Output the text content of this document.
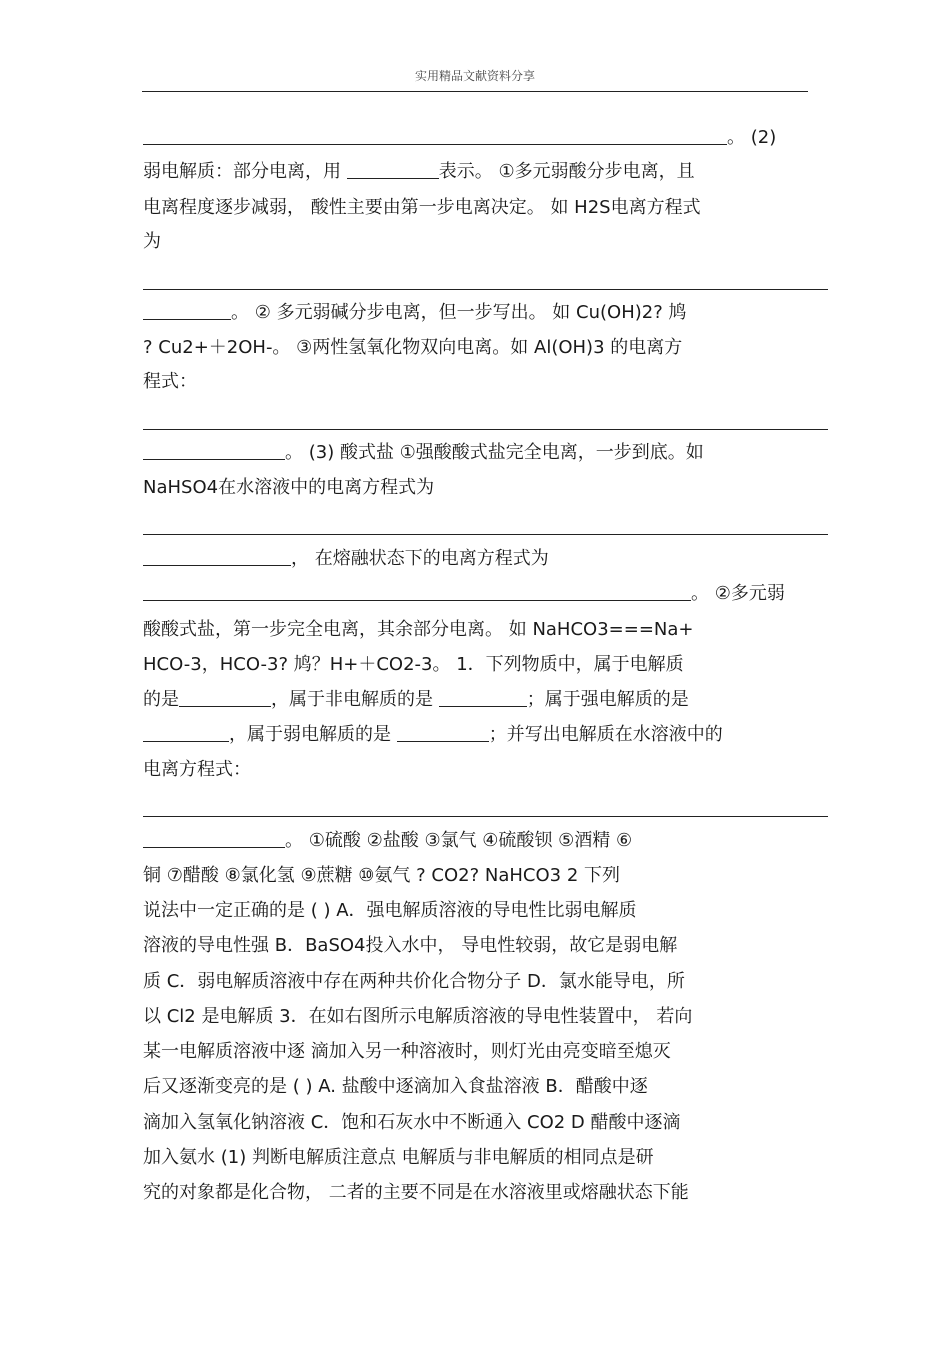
实用精品文献资料分享
。 (2)
弱电解质：部分电离，用	表示。 ①多元弱酸分步电离，且
电离程度逐步减弱， 酸性主要由第一步电离决定。 如 H2S电离方程式
为
。 ② 多元弱碱分步电离，但一步写出。 如 Cu(OH)2? 鸠
? Cu2+＋2OH-。 ③两性氢氧化物双向电离。如 Al(OH)3 的电离方
程式：
。 (3) 酸式盐 ①强酸酸式盐完全电离，一步到底。如
NaHSO4在水溶液中的电离方程式为
， 在熔融状态下的电离方程式为
。 ②多元弱
酸酸式盐，第一步完全电离，其余部分电离。 如 NaHCO3===Na+
HCO-3，HCO-3? 鸠？H+＋CO2-3。 1．下列物质中，属于电解质
的是	，属于非电解质的是	；属于强电解质的是
，属于弱电解质的是	；并写出电解质在水溶液中的
电离方程式：
。 ①硫酸 ②盐酸 ③氯气 ④硫酸钡 ⑤酒精 ⑥
铜 ⑦醋酸 ⑧氯化氢 ⑨蔗糖 ⑩氨气 ? CO2? NaHCO3 2 下列
说法中一定正确的是 ( ) A．强电解质溶液的导电性比弱电解质
溶液的导电性强 B．BaSO4投入水中， 导电性较弱，故它是弱电解
质 C．弱电解质溶液中存在两种共价化合物分子 D．氯水能导电，所
以 Cl2 是电解质 3．在如右图所示电解质溶液的导电性装置中， 若向
某一电解质溶液中逐 滴加入另一种溶液时，则灯光由亮变暗至熄灭
后又逐渐变亮的是 ( ) A. 盐酸中逐滴加入食盐溶液 B．醋酸中逐
滴加入氢氧化钠溶液 C．饱和石灰水中不断通入 CO2 D 醋酸中逐滴
加入氨水 (1) 判断电解质注意点 电解质与非电解质的相同点是研
究的对象都是化合物， 二者的主要不同是在水溶液里或熔融状态下能
